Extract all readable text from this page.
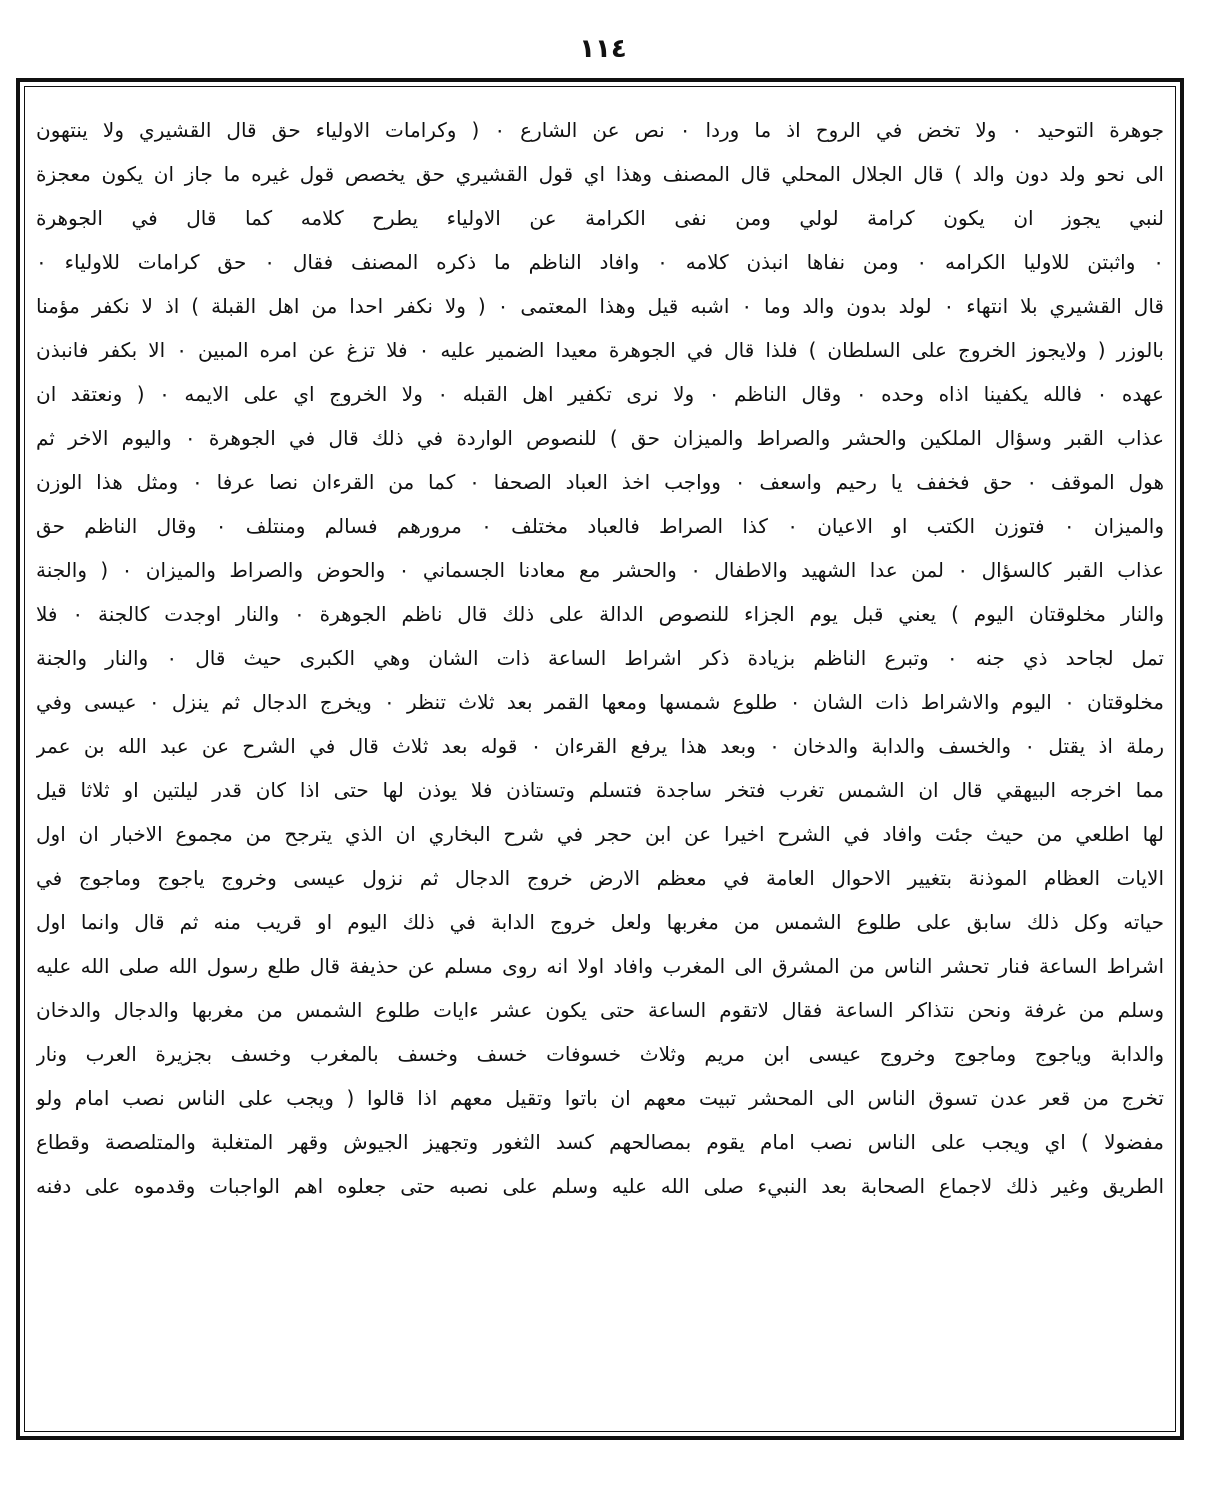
١١٤
جوهرة التوحيد ٠ ولا تخض في الروح اذ ما وردا ٠ نص عن الشارع ٠ ( وكرامات الاولياء حق قال القشيري ولا ينتهون
الى نحو ولد دون والد ) قال الجلال المحلي قال المصنف وهذا اي قول القشيري حق يخصص قول غيره ما جاز ان يكون معجزة
لنبي يجوز ان يكون كرامة لولي ومن نفى الكرامة عن الاولياء يطرح كلامه كما قال في الجوهرة
٠ واثبتن للاوليا الكرامه ٠ ومن نفاها انبذن كلامه ٠ وافاد الناظم ما ذكره المصنف فقال ٠ حق كرامات للاولياء ٠
قال القشيري بلا انتهاء ٠ لولد بدون والد وما ٠ اشبه قيل وهذا المعتمى ٠ ( ولا نكفر احدا من اهل القبلة ) اذ لا نكفر مؤمنا
بالوزر ( ولايجوز الخروج على السلطان ) فلذا قال في الجوهرة معيدا الضمير عليه ٠ فلا تزغ عن امره المبين ٠ الا بكفر فانبذن
عهده ٠ فالله يكفينا اذاه وحده ٠ وقال الناظم ٠ ولا نرى تكفير اهل القبله ٠ ولا الخروج اي على الايمه ٠ ( ونعتقد ان
عذاب القبر وسؤال الملكين والحشر والصراط والميزان حق ) للنصوص الواردة في ذلك قال في الجوهرة ٠ واليوم الاخر ثم
هول الموقف ٠ حق فخفف يا رحيم واسعف ٠ وواجب اخذ العباد الصحفا ٠ كما من القرءان نصا عرفا ٠ ومثل هذا الوزن
والميزان ٠ فتوزن الكتب او الاعيان ٠ كذا الصراط فالعباد مختلف ٠ مرورهم فسالم ومنتلف ٠ وقال الناظم حق
عذاب القبر كالسؤال ٠ لمن عدا الشهيد والاطفال ٠ والحشر مع معادنا الجسماني ٠ والحوض والصراط والميزان ٠ ( والجنة
والنار مخلوقتان اليوم ) يعني قبل يوم الجزاء للنصوص الدالة على ذلك قال ناظم الجوهرة ٠ والنار اوجدت كالجنة ٠ فلا
تمل لجاحد ذي جنه ٠ وتبرع الناظم بزيادة ذكر اشراط الساعة ذات الشان وهي الكبرى حيث قال ٠ والنار والجنة
مخلوقتان ٠ اليوم والاشراط ذات الشان ٠ طلوع شمسها ومعها القمر بعد ثلاث تنظر ٠ ويخرج الدجال ثم ينزل ٠ عيسى وفي
رملة اذ يقتل ٠ والخسف والدابة والدخان ٠ وبعد هذا يرفع القرءان ٠ قوله بعد ثلاث قال في الشرح عن عبد الله بن عمر
مما اخرجه البيهقي قال ان الشمس تغرب فتخر ساجدة فتسلم وتستاذن فلا يوذن لها حتى اذا كان قدر ليلتين او ثلاثا قيل
لها اطلعي من حيث جئت وافاد في الشرح اخيرا عن ابن حجر في شرح البخاري ان الذي يترجح من مجموع الاخبار ان اول
الايات العظام الموذنة بتغيير الاحوال العامة في معظم الارض خروج الدجال ثم نزول عيسى وخروج ياجوج وماجوج في
حياته وكل ذلك سابق على طلوع الشمس من مغربها ولعل خروج الدابة في ذلك اليوم او قريب منه ثم قال وانما اول
اشراط الساعة فنار تحشر الناس من المشرق الى المغرب وافاد اولا انه روى مسلم عن حذيفة قال طلع رسول الله صلى الله عليه
وسلم من غرفة ونحن نتذاكر الساعة فقال لاتقوم الساعة حتى يكون عشر ءايات طلوع الشمس من مغربها والدجال والدخان
والدابة وياجوج وماجوج وخروج عيسى ابن مريم وثلاث خسوفات خسف وخسف بالمغرب وخسف بجزيرة العرب ونار
تخرج من قعر عدن تسوق الناس الى المحشر تبيت معهم ان باتوا وتقيل معهم اذا قالوا ( ويجب على الناس نصب امام ولو
مفضولا ) اي ويجب على الناس نصب امام يقوم بمصالحهم كسد الثغور وتجهيز الجيوش وقهر المتغلبة والمتلصصة وقطاع
الطريق وغير ذلك لاجماع الصحابة بعد النبيء صلى الله عليه وسلم على نصبه حتى جعلوه اهم الواجبات وقدموه على دفنه
